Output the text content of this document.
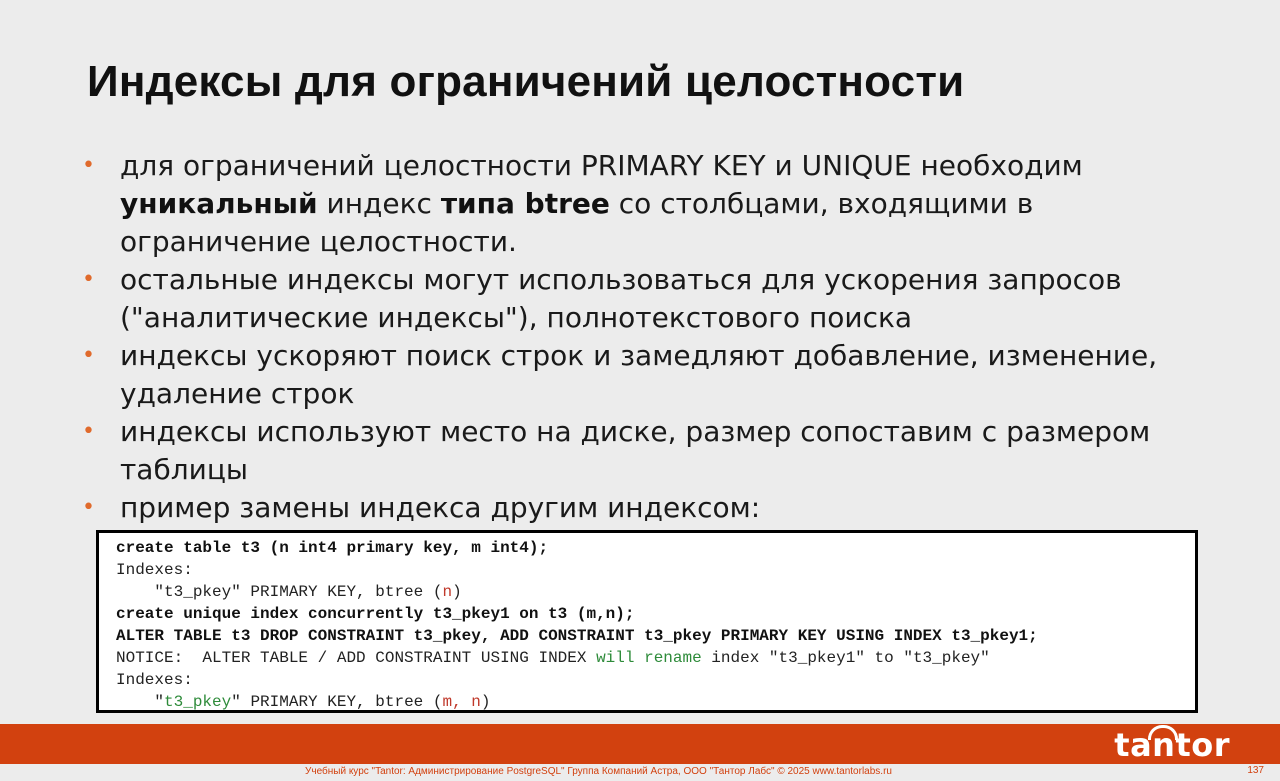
Индексы для ограничений целостности
• для ограничений целостности PRIMARY KEY и UNIQUE необходим уникальный индекс типа btree со столбцами, входящими в ограничение целостности.
• остальные индексы могут использоваться для ускорения запросов ("аналитические индексы"), полнотекстового поиска
• индексы ускоряют поиск строк и замедляют добавление, изменение, удаление строк
• индексы используют место на диске, размер сопоставим с размером таблицы
• пример замены индекса другим индексом:
create table t3 (n int4 primary key, m int4);
Indexes:
"t3_pkey" PRIMARY KEY, btree (n)
create unique index concurrently t3_pkey1 on t3 (m,n);
ALTER TABLE t3 DROP CONSTRAINT t3_pkey, ADD CONSTRAINT t3_pkey PRIMARY KEY USING INDEX t3_pkey1;
NOTICE:  ALTER TABLE / ADD CONSTRAINT USING INDEX will rename index "t3_pkey1" to "t3_pkey"
Indexes:
"t3_pkey" PRIMARY KEY, btree (m, n)
tantor
Учебный курс "Tantor: Администрирование PostgreSQL" Группа Компаний Астра, ООО "Тантор Лабс" © 2025 www.tantorlabs.ru	137
